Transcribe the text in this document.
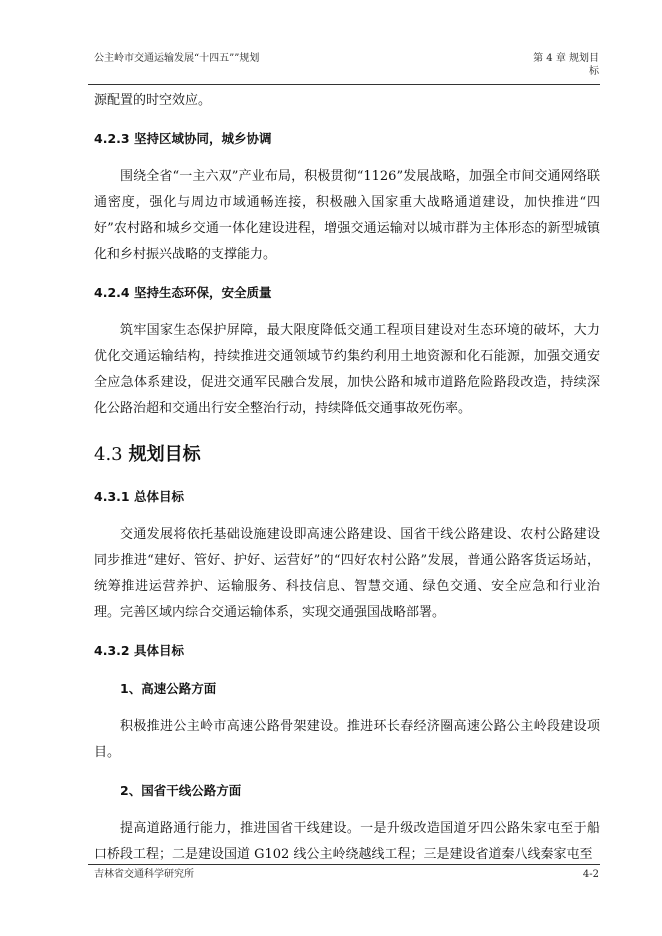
公主岭市交通运输发展“十四五””规划	第 4 章 规划目标

源配置的时空效应。

4.2.3 坚持区域协同，城乡协调

围绕全省“一主六双”产业布局，积极贯彻“1126”发展战略，加强全市间交通网络联通密度，强化与周边市域通畅连接，积极融入国家重大战略通道建设，加快推进“四好”农村路和城乡交通一体化建设进程，增强交通运输对以城市群为主体形态的新型城镇化和乡村振兴战略的支撑能力。

4.2.4 坚持生态环保，安全质量

筑牢国家生态保护屏障，最大限度降低交通工程项目建设对生态环境的破坏，大力优化交通运输结构，持续推进交通领域节约集约利用土地资源和化石能源，加强交通安全应急体系建设，促进交通军民融合发展，加快公路和城市道路危险路段改造，持续深化公路治超和交通出行安全整治行动，持续降低交通事故死伤率。

4.3 规划目标
4.3.1 总体目标

交通发展将依托基础设施建设即高速公路建设、国省干线公路建设、农村公路建设同步推进“建好、管好、护好、运营好”的“四好农村公路”发展，普通公路客货运场站，统筹推进运营养护、运输服务、科技信息、智慧交通、绿色交通、安全应急和行业治理。完善区域内综合交通运输体系，实现交通强国战略部署。

4.3.2 具体目标

1、高速公路方面

积极推进公主岭市高速公路骨架建设。推进环长春经济圈高速公路公主岭段建设项目。

2、国省干线公路方面

提高道路通行能力，推进国省干线建设。一是升级改造国道牙四公路朱家屯至于船口桥段工程；二是建设国道 G102 线公主岭绕越线工程；三是建设省道秦八线秦家屯至

吉林省交通科学研究所	4-2
